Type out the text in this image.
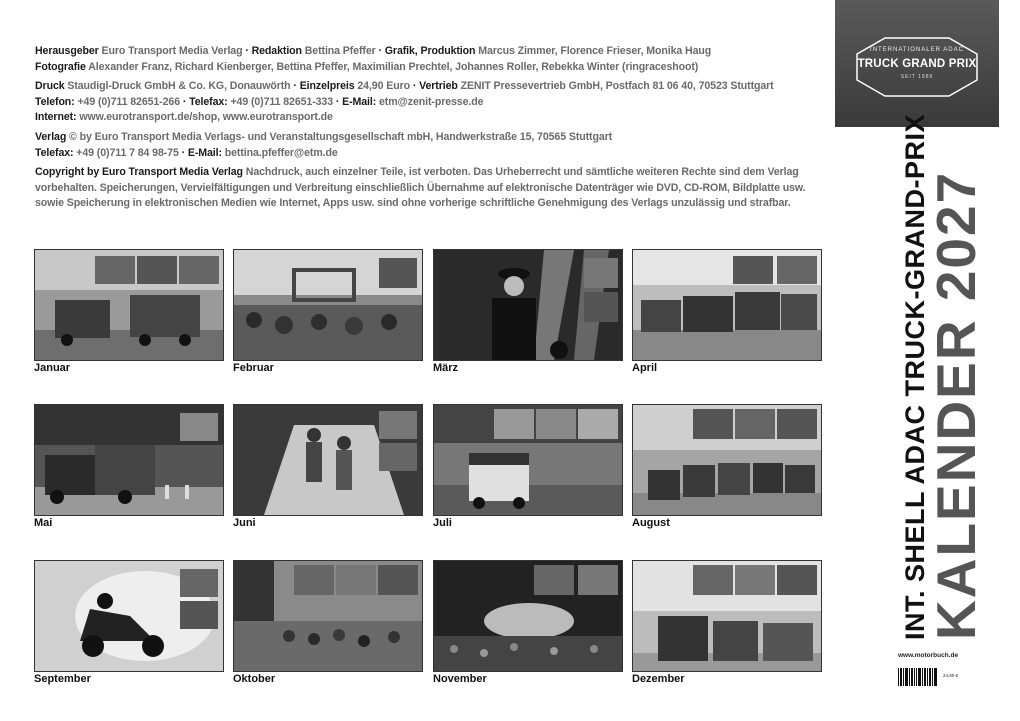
Herausgeber Euro Transport Media Verlag · Redaktion Bettina Pfeffer · Grafik, Produktion Marcus Zimmer, Florence Frieser, Monika Haug

Fotografie Alexander Franz, Richard Kienberger, Bettina Pfeffer, Maximilian Prechtel, Johannes Roller, Rebekka Winter (ringraceshoot)

Druck Staudigl-Druck GmbH & Co. KG, Donauwörth · Einzelpreis 24,90 Euro · Vertrieb ZENIT Pressevertrieb GmbH, Postfach 81 06 40, 70523 Stuttgart

Telefon: +49 (0)711 82651-266 · Telefax: +49 (0)711 82651-333 · E-Mail: etm@zenit-presse.de

Internet: www.eurotransport.de/shop, www.eurotransport.de

Verlag © by Euro Transport Media Verlags- und Veranstaltungsgesellschaft mbH, Handwerkstraße 15, 70565 Stuttgart

Telefax: +49 (0)711 7 84 98-75 · E-Mail: bettina.pfeffer@etm.de

Copyright by Euro Transport Media Verlag Nachdruck, auch einzelner Teile, ist verboten. Das Urheberrecht und sämtliche weiteren Rechte sind dem Verlag vorbehalten. Speicherungen, Vervielfältigungen und Verbreitung einschließlich Übernahme auf elektronische Datenträger wie DVD, CD-ROM, Bildplatte usw. sowie Speicherung in elektronischen Medien wie Internet, Apps usw. sind ohne vorherige schriftliche Genehmigung des Verlags unzulässig und strafbar.

Januar	Februar	März	April
Mai	Juni	Juli	August
September	Oktober	November	Dezember
INTERNATIONALER ADAC
TRUCK GRAND PRIX
SEIT 1986
INT. SHELL ADAC TRUCK-GRAND-PRIX
KALENDER 2027
www.motorbuch.de
24,90 €
